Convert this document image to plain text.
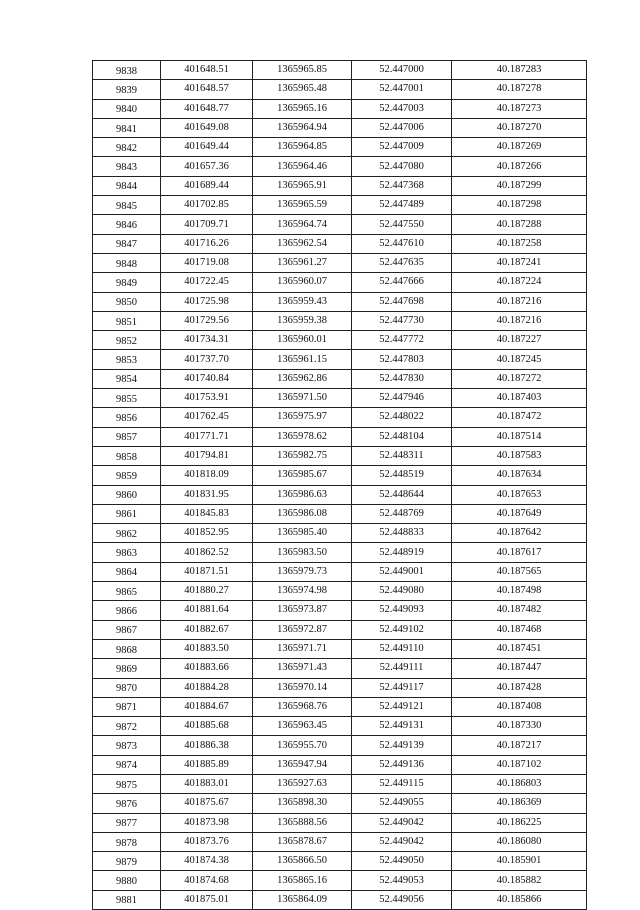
9838	401648.51	1365965.85	52.447000	40.187283
9839	401648.57	1365965.48	52.447001	40.187278
9840	401648.77	1365965.16	52.447003	40.187273
9841	401649.08	1365964.94	52.447006	40.187270
9842	401649.44	1365964.85	52.447009	40.187269
9843	401657.36	1365964.46	52.447080	40.187266
9844	401689.44	1365965.91	52.447368	40.187299
9845	401702.85	1365965.59	52.447489	40.187298
9846	401709.71	1365964.74	52.447550	40.187288
9847	401716.26	1365962.54	52.447610	40.187258
9848	401719.08	1365961.27	52.447635	40.187241
9849	401722.45	1365960.07	52.447666	40.187224
9850	401725.98	1365959.43	52.447698	40.187216
9851	401729.56	1365959.38	52.447730	40.187216
9852	401734.31	1365960.01	52.447772	40.187227
9853	401737.70	1365961.15	52.447803	40.187245
9854	401740.84	1365962.86	52.447830	40.187272
9855	401753.91	1365971.50	52.447946	40.187403
9856	401762.45	1365975.97	52.448022	40.187472
9857	401771.71	1365978.62	52.448104	40.187514
9858	401794.81	1365982.75	52.448311	40.187583
9859	401818.09	1365985.67	52.448519	40.187634
9860	401831.95	1365986.63	52.448644	40.187653
9861	401845.83	1365986.08	52.448769	40.187649
9862	401852.95	1365985.40	52.448833	40.187642
9863	401862.52	1365983.50	52.448919	40.187617
9864	401871.51	1365979.73	52.449001	40.187565
9865	401880.27	1365974.98	52.449080	40.187498
9866	401881.64	1365973.87	52.449093	40.187482
9867	401882.67	1365972.87	52.449102	40.187468
9868	401883.50	1365971.71	52.449110	40.187451
9869	401883.66	1365971.43	52.449111	40.187447
9870	401884.28	1365970.14	52.449117	40.187428
9871	401884.67	1365968.76	52.449121	40.187408
9872	401885.68	1365963.45	52.449131	40.187330
9873	401886.38	1365955.70	52.449139	40.187217
9874	401885.89	1365947.94	52.449136	40.187102
9875	401883.01	1365927.63	52.449115	40.186803
9876	401875.67	1365898.30	52.449055	40.186369
9877	401873.98	1365888.56	52.449042	40.186225
9878	401873.76	1365878.67	52.449042	40.186080
9879	401874.38	1365866.50	52.449050	40.185901
9880	401874.68	1365865.16	52.449053	40.185882
9881	401875.01	1365864.09	52.449056	40.185866
